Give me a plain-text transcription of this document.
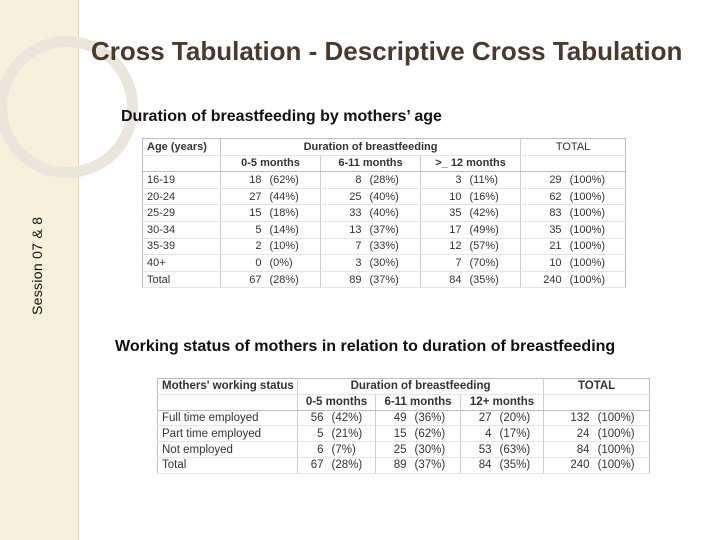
Session 07 & 8
Cross Tabulation - Descriptive Cross Tabulation
Duration of breastfeeding by mothers’ age
Age (years)	Duration of breastfeeding						TOTAL	
	0-5 months		6-11 months		>_ 12 months			
16-19	18	(62%)	8	(28%)	3	(11%)	29	(100%)
20-24	27	(44%)	25	(40%)	10	(16%)	62	(100%)
25-29	15	(18%)	33	(40%)	35	(42%)	83	(100%)
30-34	5	(14%)	13	(37%)	17	(49%)	35	(100%)
35-39	2	(10%)	7	(33%)	12	(57%)	21	(100%)
40+	0	(0%)	3	(30%)	7	(70%)	10	(100%)
Total	67	(28%)	89	(37%)	84	(35%)	240	(100%)
Working status of mothers in relation to duration of breastfeeding
Mothers' working status	Duration of breastfeeding						TOTAL	
	0-5 months		6-11 months		12+ months			
Full time employed	56	(42%)	49	(36%)	27	(20%)	132	(100%)
Part time employed	5	(21%)	15	(62%)	4	(17%)	24	(100%)
Not employed	6	(7%)	25	(30%)	53	(63%)	84	(100%)
Total	67	(28%)	89	(37%)	84	(35%)	240	(100%)
